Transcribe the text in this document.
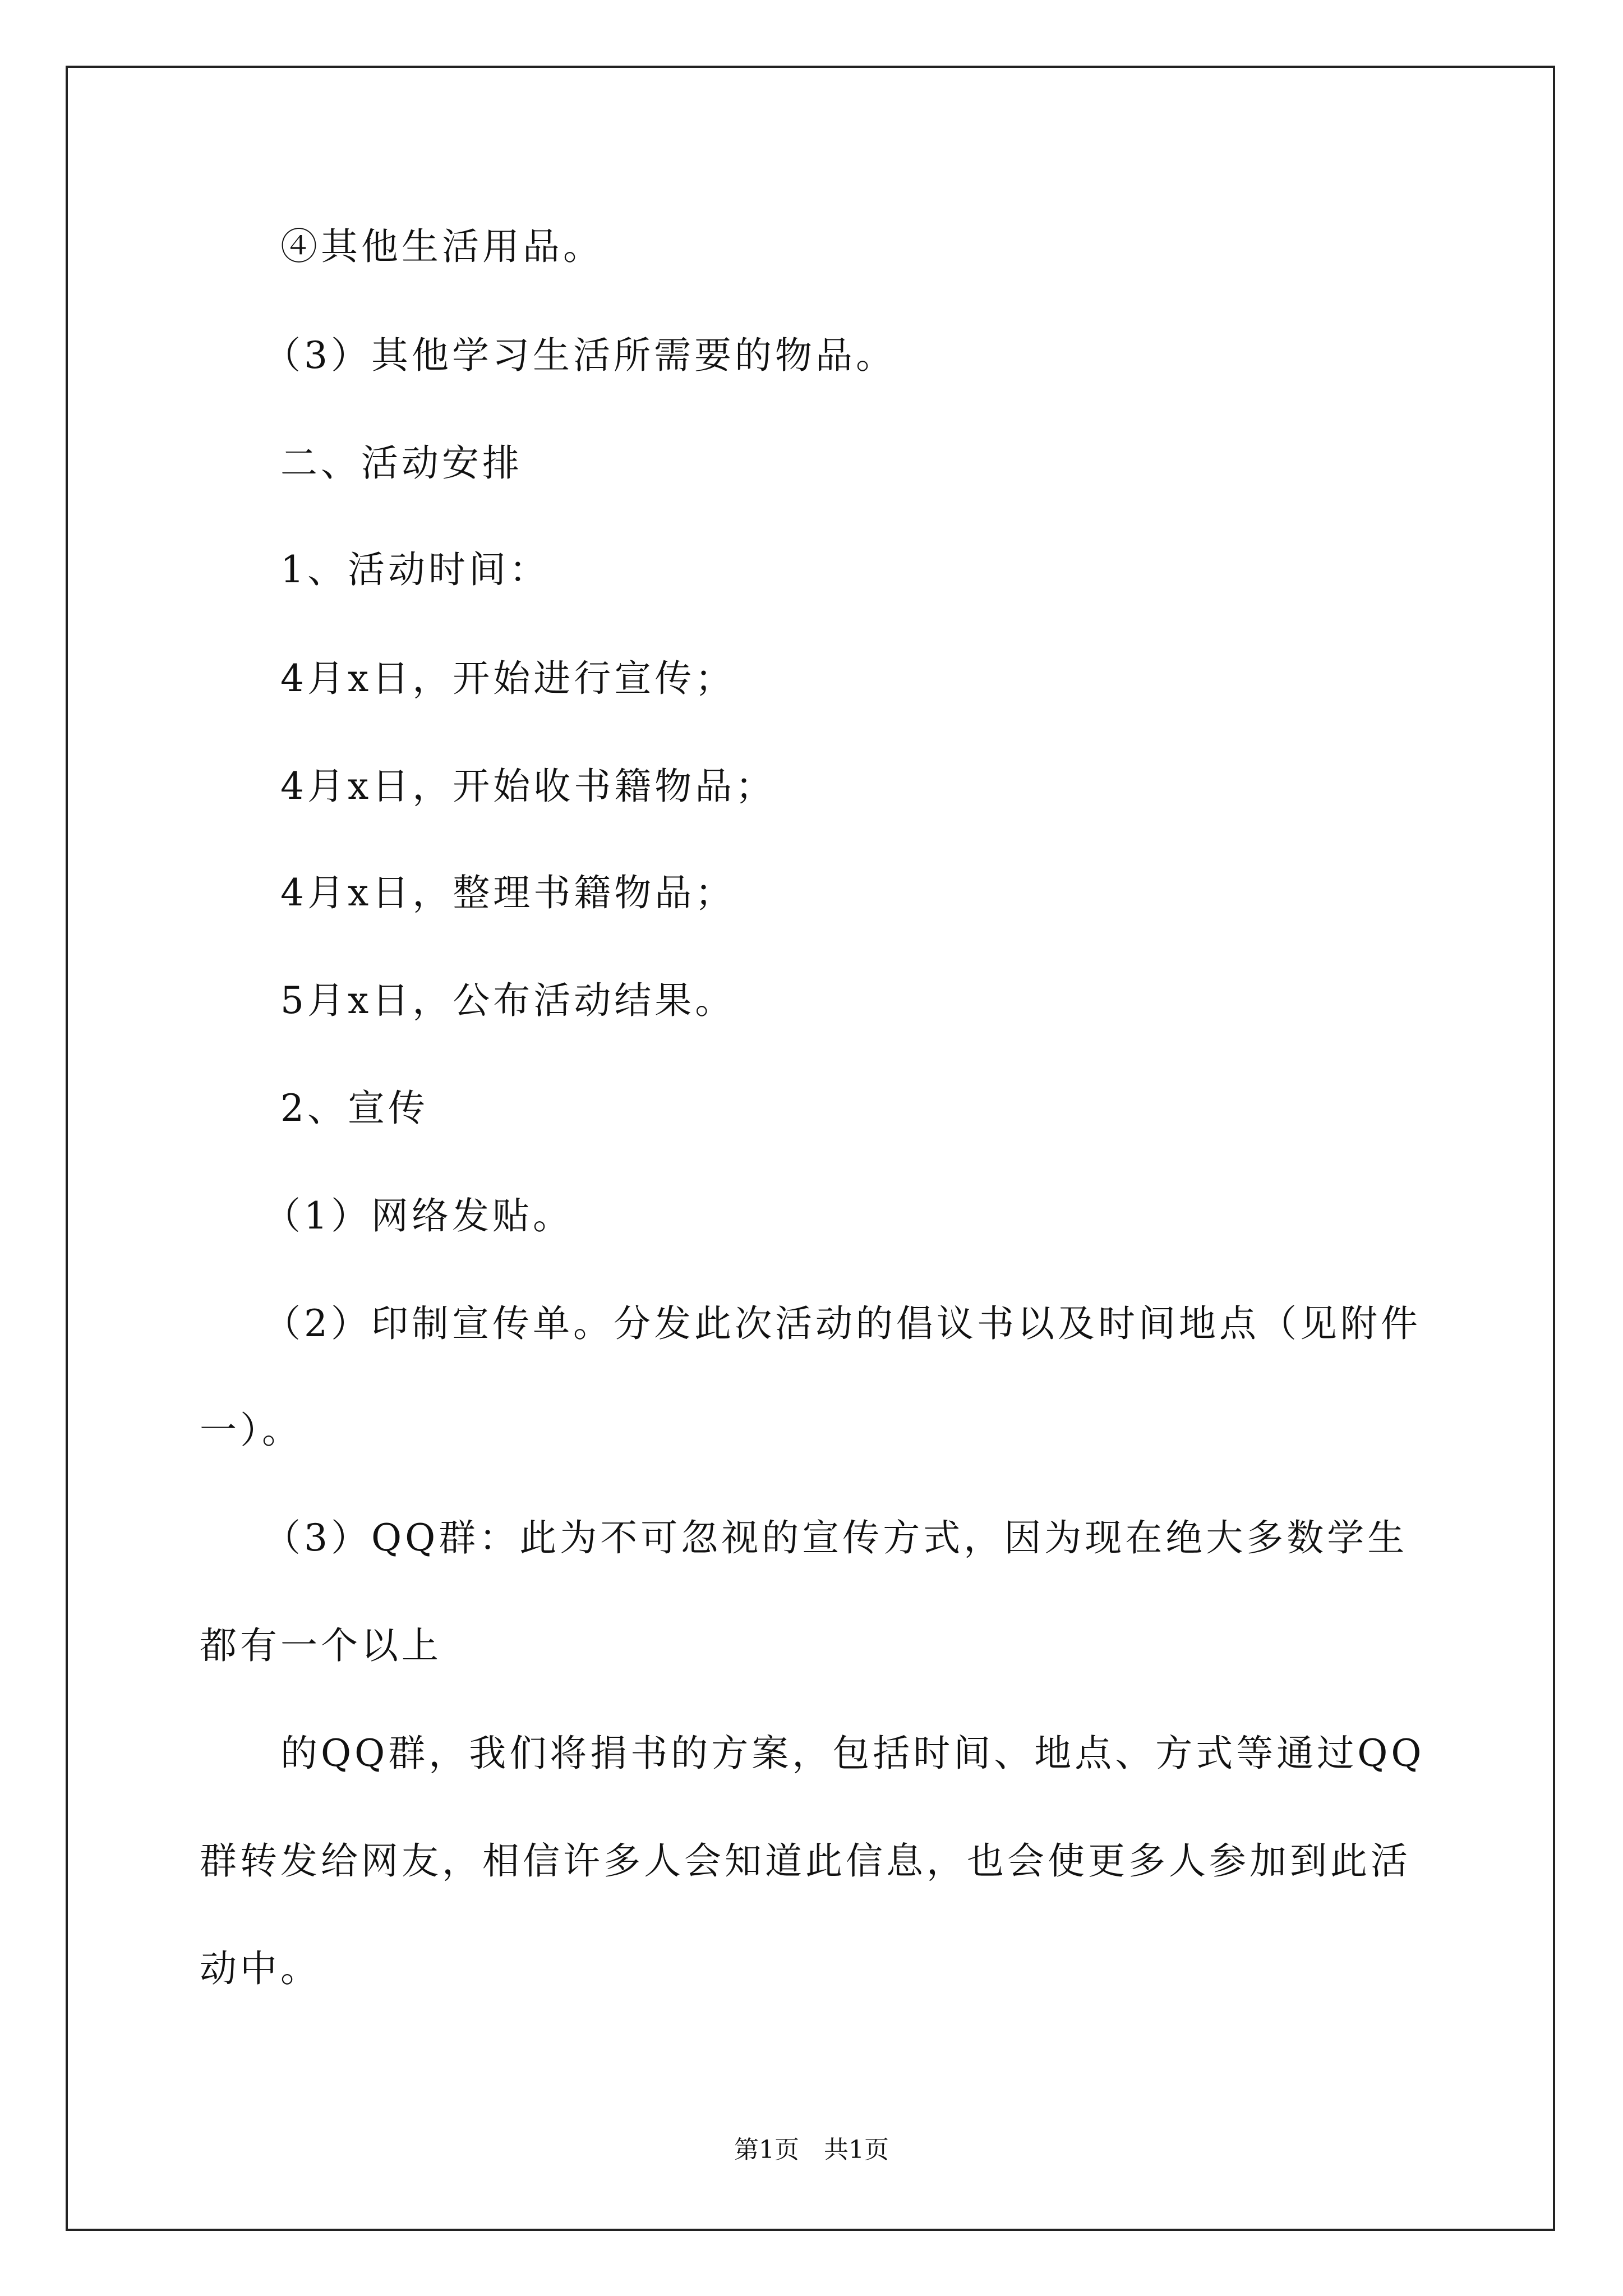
④其他生活用品。
（3）其他学习生活所需要的物品。
二、活动安排
1、活动时间：
4月x日，开始进行宣传；
4月x日，开始收书籍物品；
4月x日，整理书籍物品；
5月x日，公布活动结果。
2、宣传
（1）网络发贴。
（2）印制宣传单。分发此次活动的倡议书以及时间地点（见附件
一）。
（3）QQ群：此为不可忽视的宣传方式，因为现在绝大多数学生
都有一个以上
的QQ群，我们将捐书的方案，包括时间、地点、方式等通过QQ
群转发给网友，相信许多人会知道此信息，也会使更多人参加到此活
动中。
第1页　共1页
